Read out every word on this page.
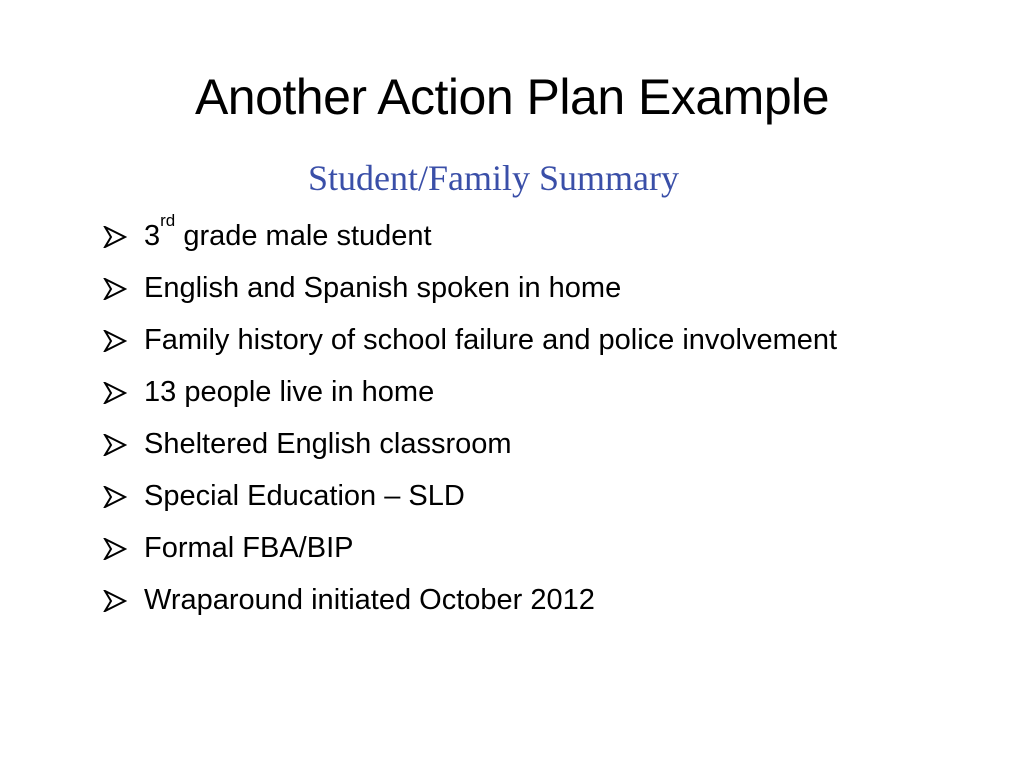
Another Action Plan Example
Student/Family Summary
3rd grade male student
English and Spanish spoken in home
Family history of school failure and police involvement
13 people live in home
Sheltered English classroom
Special Education – SLD
Formal FBA/BIP
Wraparound initiated October 2012
